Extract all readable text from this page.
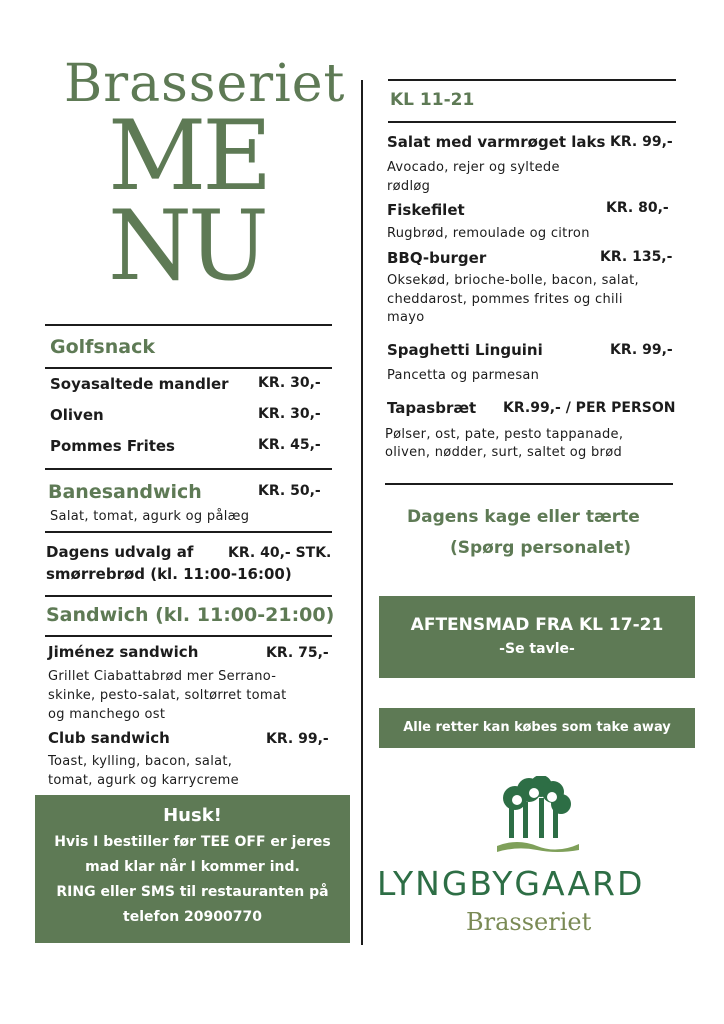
Brasseriet
ME
NU
Golfsnack
Soyasaltede mandler KR. 30,-
Oliven	KR. 30,-
Pommes Frites	KR. 45,-
Banesandwich	KR. 50,-
Salat, tomat, agurk og pålæg
Dagens udvalg af KR. 40,- STK.
smørrebrød (kl. 11:00-16:00)
Sandwich (kl. 11:00-21:00)
Jiménez sandwich	KR. 75,-
Grillet Ciabattabrød mer Serrano-
skinke, pesto-salat, soltørret tomat
og manchego ost
Club sandwich	KR. 99,-
Toast, kylling, bacon, salat,
tomat, agurk og karrycreme
Husk!
Hvis I bestiller før TEE OFF er jeres
mad klar når I kommer ind.
RING eller SMS til restauranten på
telefon 20900770
KL 11-21
Salat med varmrøget laks KR. 99,-
Avocado, rejer og syltede
rødløg
Fiskefilet	KR. 80,-
Rugbrød, remoulade og citron
BBQ-burger	KR. 135,-
Oksekød, brioche-bolle, bacon, salat,
cheddarost, pommes frites og chili
mayo
Spaghetti Linguini	KR. 99,-
Pancetta og parmesan
Tapasbræt KR.99,- / PER PERSON
Pølser, ost, pate, pesto tappanade,
oliven, nødder, surt, saltet og brød
Dagens kage eller tærte
(Spørg personalet)
AFTENSMAD FRA KL 17-21
-Se tavle-
Alle retter kan købes som take away
LYNGBYGAARD
Brasseriet
